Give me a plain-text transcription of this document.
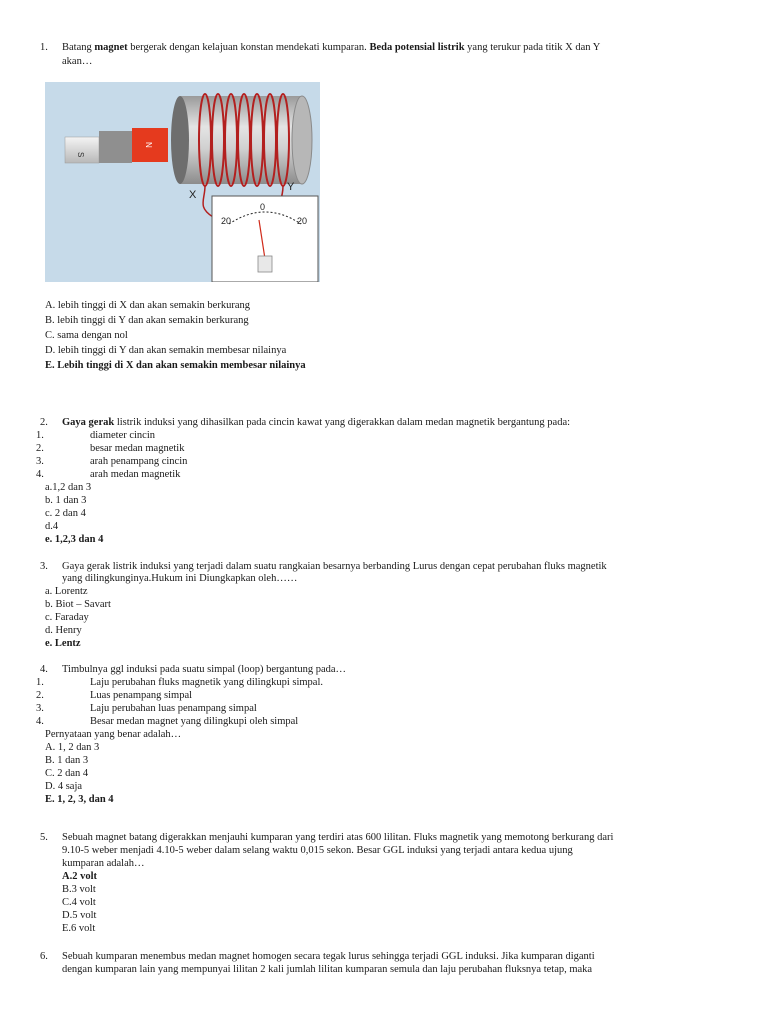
1. Batang magnet bergerak dengan kelajuan konstan mendekati kumparan. Beda potensial listrik yang terukur pada titik X dan Y
akan…
S
N
X
Y
20
0
20
A. lebih tinggi di X dan akan semakin berkurang
B. lebih tinggi di Y dan akan semakin berkurang
C. sama dengan nol
D. lebih tinggi di Y dan akan semakin membesar nilainya
E. Lebih tinggi di X dan akan semakin membesar nilainya
2. Gaya gerak listrik induksi yang dihasilkan pada cincin kawat yang digerakkan dalam medan magnetik bergantung pada:
1.	diameter cincin
2.	besar medan magnetik
3.	arah penampang cincin
4.	arah medan magnetik
a.1,2 dan 3
b. 1 dan 3
c. 2 dan 4
d.4
e. 1,2,3 dan 4
3. Gaya gerak listrik induksi yang terjadi dalam suatu rangkaian besarnya berbanding Lurus dengan cepat perubahan fluks magnetik
yang dilingkunginya.Hukum ini Diungkapkan oleh……
a. Lorentz
b. Biot – Savart
c. Faraday
d. Henry
e. Lentz
4. Timbulnya ggl induksi pada suatu simpal (loop) bergantung pada…
1.	Laju perubahan fluks magnetik yang dilingkupi simpal.
2.	Luas penampang simpal
3.	Laju perubahan luas penampang simpal
4.	Besar medan magnet yang dilingkupi oleh simpal
Pernyataan yang benar adalah…
A. 1, 2 dan 3
B. 1 dan 3
C. 2 dan 4
D. 4 saja
E. 1, 2, 3, dan 4
5. Sebuah magnet batang digerakkan menjauhi kumparan yang terdiri atas 600 lilitan. Fluks magnetik yang memotong berkurang dari
9.10-5 weber menjadi 4.10-5 weber dalam selang waktu 0,015 sekon. Besar GGL induksi yang terjadi antara kedua ujung
kumparan adalah…
A.2 volt
B.3 volt
C.4 volt
D.5 volt
E.6 volt
6. Sebuah kumparan menembus medan magnet homogen secara tegak lurus sehingga terjadi GGL induksi. Jika kumparan diganti
dengan kumparan lain yang mempunyai lilitan 2 kali jumlah lilitan kumparan semula dan laju perubahan fluksnya tetap, maka
